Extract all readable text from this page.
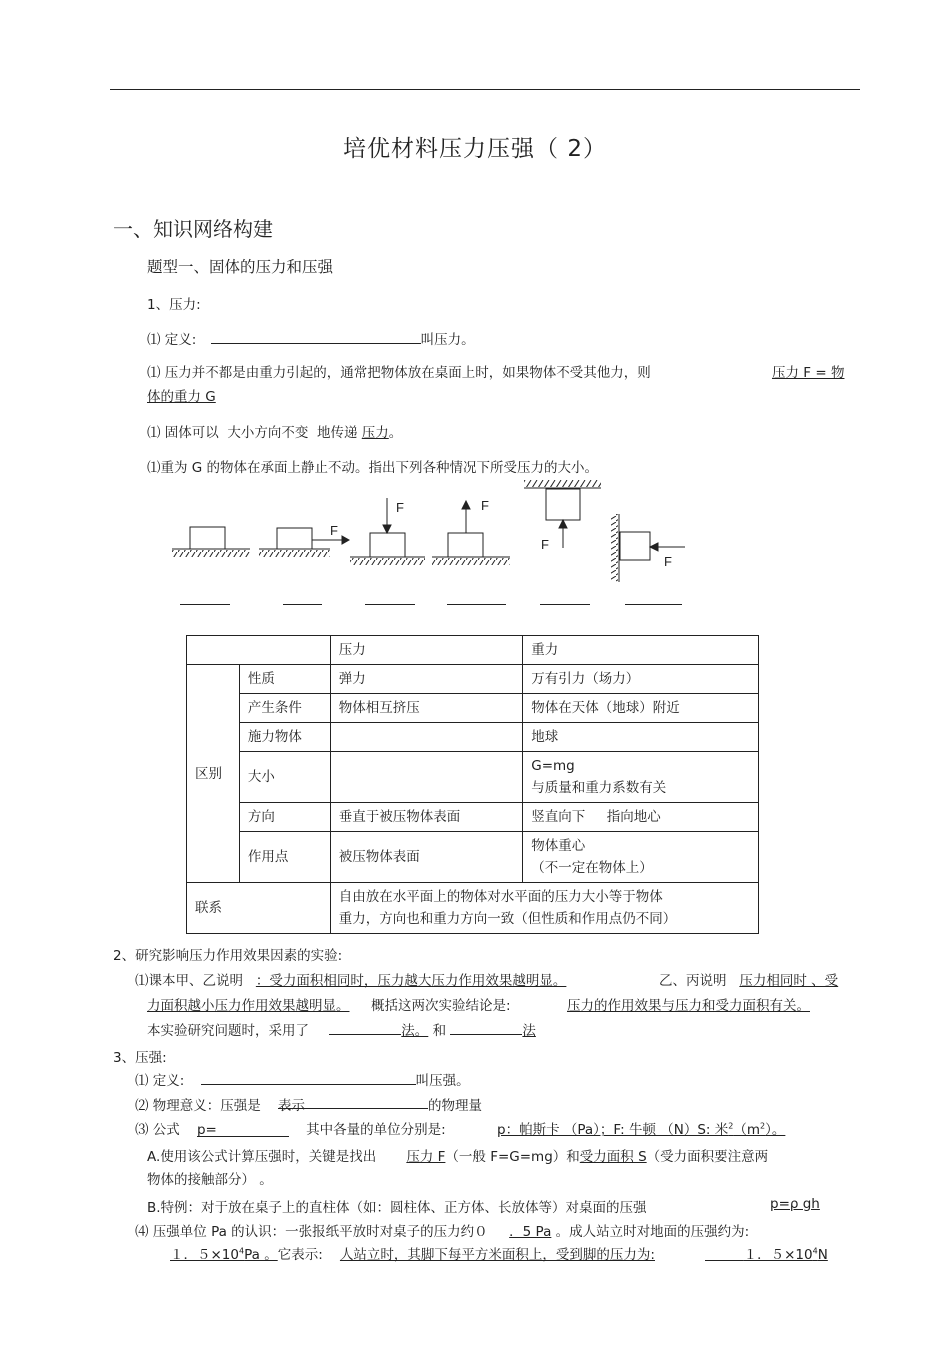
培优材料压力压强（ 2）
一、知识网络构建
题型一、固体的压力和压强
1、压力:
⑴ 定义:	叫压力。
⑴ 压力并不都是由重力引起的，通常把物体放在桌面上时，如果物体不受其他力，则	压力 F = 物
体的重力 G
⑴ 固体可以 大小方向不变 地传递 压力。
⑴重为 G 的物体在承面上静止不动。指出下列各种情况下所受压力的大小。
F
F	F
F
F
		压力	重力
区别	性质	弹力	万有引力（场力）
	产生条件	物体相互挤压	物体在天体（地球）附近
	施力物体		地球
	大小		G=mg
与质量和重力系数有关

	方向	垂直于被压物体表面	竖直向下     指向地心
	作用点	被压物体表面	物体重心
（不一定在物体上）

联系		自由放在水平面上的物体对水平面的压力大小等于物体
重力，方向也和重力方向一致（但性质和作用点仍不同）	
2、研究影响压力作用效果因素的实验:
⑴课本甲、乙说明 ：受力面积相同时，压力越大压力作用效果越明显。	乙、丙说明 压力相同时 、受
力面积越小压力作用效果越明显。 概括这两次实验结论是:	压力的作用效果与压力和受力面积有关。
本实验研究问题时，采用了	法。 和	法
3、压强:
⑴ 定义:	叫压强。
⑵ 物理意义：压强是 表示	的物理量
⑶ 公式 p=	其中各量的单位分别是:	p：帕斯卡 （Pa）；F: 牛顿 （N）S: 米$^2(m^2)$。
A.使用该公式计算压强时，关键是找出 压力 F（一般 F=G=mg）和受力面积 S（受力面积要注意两
物体的接触部分） 。
B.特例：对于放在桌子上的直柱体（如：圆柱体、正方体、长放体等）对桌面的压强	p=ρ gh
⑷ 压强单位 Pa 的认识：一张报纸平放时对桌子的压力约０ ．5 Pa 。成人站立时对地面的压强约为:
１．$5\times 10^4Pa$ 。它表示: 人站立时，其脚下每平方米面积上，受到脚的压力为:	１．$5\times 10^4N$
